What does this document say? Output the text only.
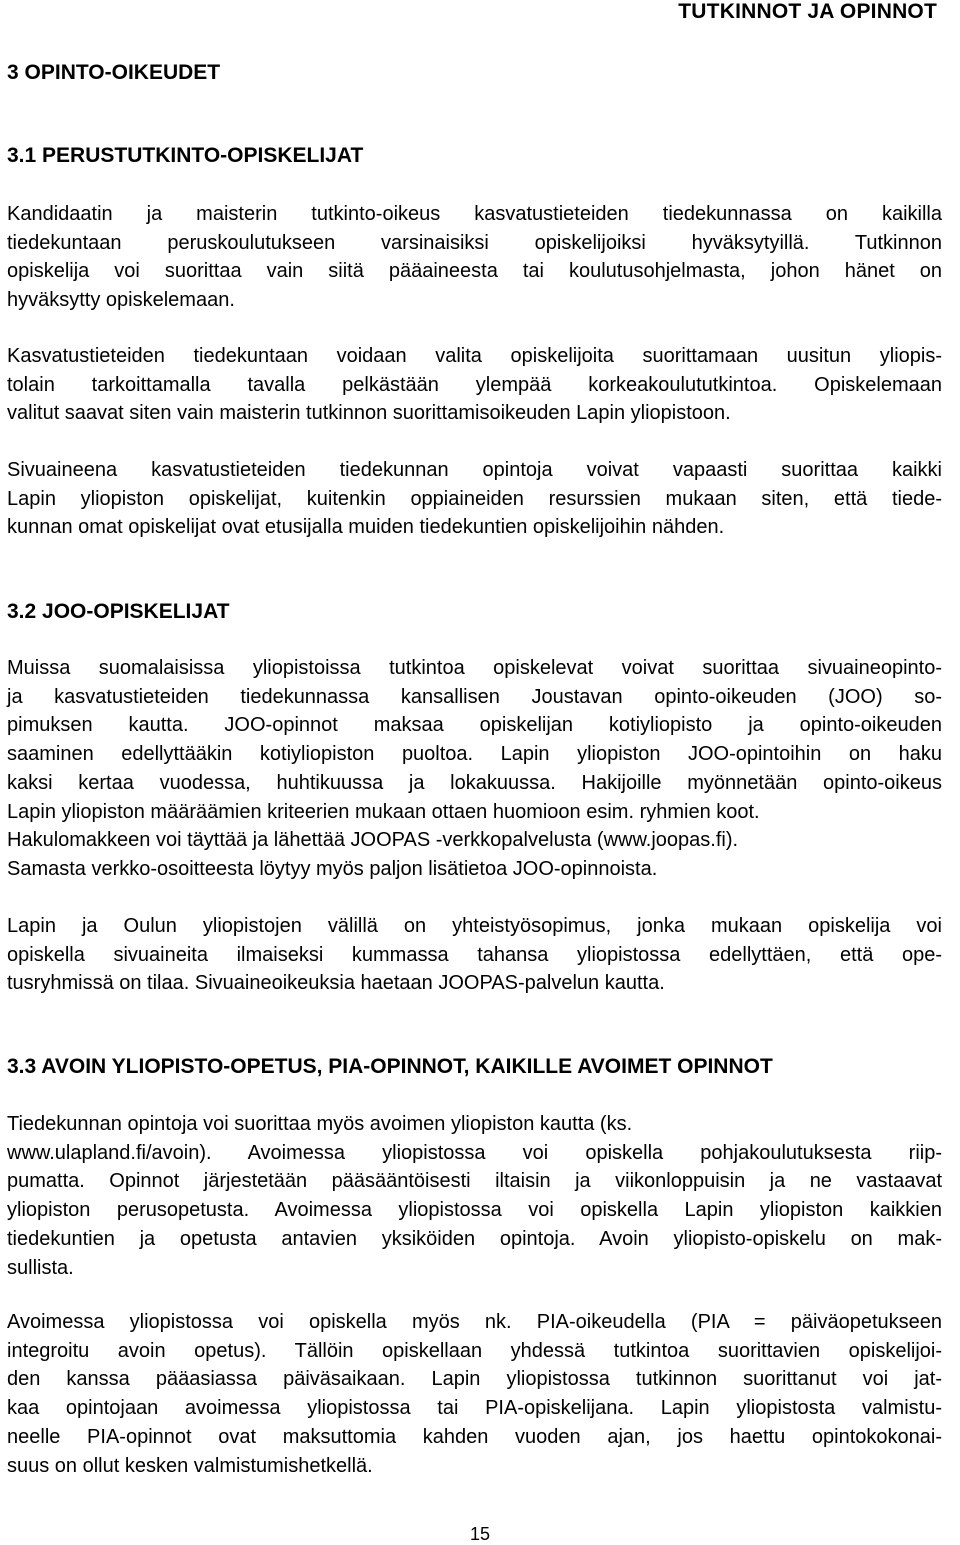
TUTKINNOT JA OPINNOT
3 OPINTO-OIKEUDET
3.1 PERUSTUTKINTO-OPISKELIJAT
Kandidaatin ja maisterin tutkinto-oikeus kasvatustieteiden tiedekunnassa on kaikilla
tiedekuntaan peruskoulutukseen varsinaisiksi opiskelijoiksi hyväksytyillä. Tutkinnon
opiskelija voi suorittaa vain siitä pääaineesta tai koulutusohjelmasta, johon hänet on
hyväksytty opiskelemaan.
Kasvatustieteiden tiedekuntaan voidaan valita opiskelijoita suorittamaan uusitun yliopis-
tolain tarkoittamalla tavalla pelkästään ylempää korkeakoulututkintoa. Opiskelemaan
valitut saavat siten vain maisterin tutkinnon suorittamisoikeuden Lapin yliopistoon.
Sivuaineena kasvatustieteiden tiedekunnan opintoja voivat vapaasti suorittaa kaikki
Lapin yliopiston opiskelijat, kuitenkin oppiaineiden resurssien mukaan siten, että tiede-
kunnan omat opiskelijat ovat etusijalla muiden tiedekuntien opiskelijoihin nähden.
3.2 JOO-OPISKELIJAT
Muissa suomalaisissa yliopistoissa tutkintoa opiskelevat voivat suorittaa sivuaineopinto-
ja kasvatustieteiden tiedekunnassa kansallisen Joustavan opinto-oikeuden (JOO) so-
pimuksen kautta. JOO-opinnot maksaa opiskelijan kotiyliopisto ja opinto-oikeuden
saaminen edellyttääkin kotiyliopiston puoltoa. Lapin yliopiston JOO-opintoihin on haku
kaksi kertaa vuodessa, huhtikuussa ja lokakuussa. Hakijoille myönnetään opinto-oikeus
Lapin yliopiston määräämien kriteerien mukaan ottaen huomioon esim. ryhmien koot.
Hakulomakkeen voi täyttää ja lähettää JOOPAS -verkkopalvelusta (www.joopas.fi).
Samasta verkko-osoitteesta löytyy myös paljon lisätietoa JOO-opinnoista.
Lapin ja Oulun yliopistojen välillä on yhteistyösopimus, jonka mukaan opiskelija voi
opiskella sivuaineita ilmaiseksi kummassa tahansa yliopistossa edellyttäen, että ope-
tusryhmissä on tilaa. Sivuaineoikeuksia haetaan JOOPAS-palvelun kautta.
3.3 AVOIN YLIOPISTO-OPETUS, PIA-OPINNOT, KAIKILLE AVOIMET OPINNOT
Tiedekunnan opintoja voi suorittaa myös avoimen yliopiston kautta (ks.
www.ulapland.fi/avoin). Avoimessa yliopistossa voi opiskella pohjakoulutuksesta riip-
pumatta. Opinnot järjestetään pääsääntöisesti iltaisin ja viikonloppuisin ja ne vastaavat
yliopiston perusopetusta. Avoimessa yliopistossa voi opiskella Lapin yliopiston kaikkien
tiedekuntien ja opetusta antavien yksiköiden opintoja. Avoin yliopisto-opiskelu on mak-
sullista.
Avoimessa yliopistossa voi opiskella myös nk. PIA-oikeudella (PIA = päiväopetukseen
integroitu avoin opetus). Tällöin opiskellaan yhdessä tutkintoa suorittavien opiskelijoi-
den kanssa pääasiassa päiväsaikaan. Lapin yliopistossa tutkinnon suorittanut voi jat-
kaa opintojaan avoimessa yliopistossa tai PIA-opiskelijana. Lapin yliopistosta valmistu-
neelle PIA-opinnot ovat maksuttomia kahden vuoden ajan, jos haettu opintokokonai-
suus on ollut kesken valmistumishetkellä.
15
